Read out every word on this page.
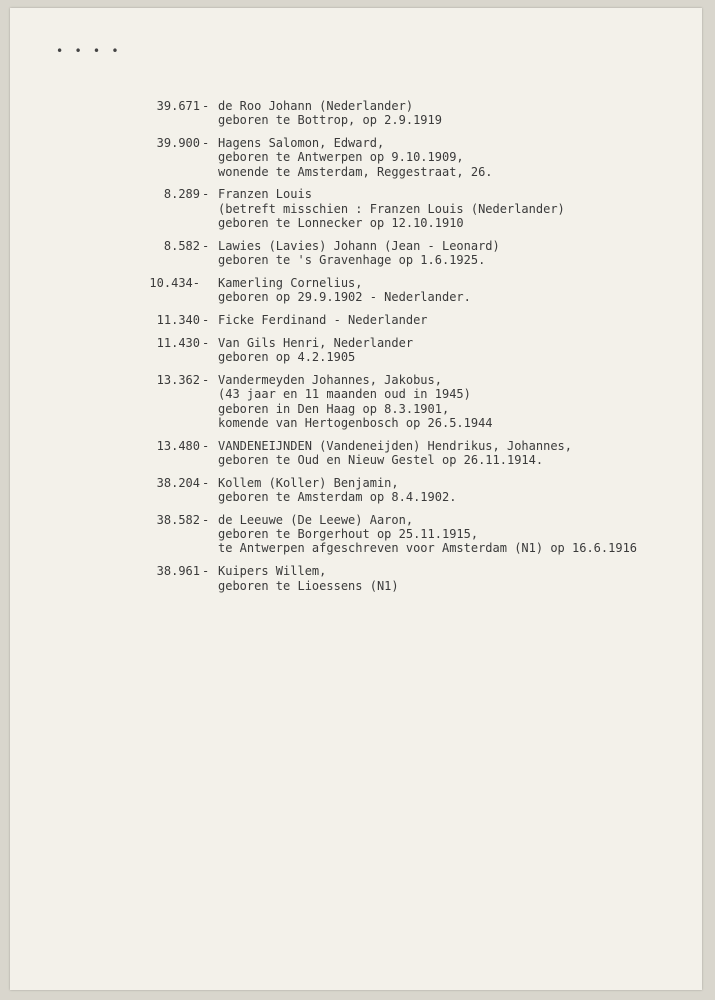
• • • •
39.671 - de Roo Johann (Nederlander)
geboren te Bottrop, op 2.9.1919
39.900 - Hagens Salomon, Edward,
geboren te Antwerpen op 9.10.1909,
wonende te Amsterdam, Reggestraat, 26.
8.289 - Franzen Louis
(betreft misschien : Franzen Louis (Nederlander)
geboren te Lonnecker op 12.10.1910
8.582 - Lawies (Lavies) Johann (Jean - Leonard)
geboren te 's Gravenhage op 1.6.1925.
10.434- Kamerling Cornelius,
geboren op 29.9.1902 - Nederlander.
11.340 - Ficke Ferdinand - Nederlander
11.430 - Van Gils Henri, Nederlander
geboren op 4.2.1905
13.362 - Vandermeyden Johannes, Jakobus,
(43 jaar en 11 maanden oud in 1945)
geboren in Den Haag op 8.3.1901,
komende van Hertogenbosch op 26.5.1944
13.480 - VANDENEIJNDEN (Vandeneijden) Hendrikus, Johannes,
geboren te Oud en Nieuw Gestel op 26.11.1914.
38.204 - Kollem (Koller) Benjamin,
geboren te Amsterdam op 8.4.1902.
38.582 - de Leeuwe (De Leewe) Aaron,
geboren te Borgerhout op 25.11.1915,
te Antwerpen afgeschreven voor Amsterdam (N1) op 16.6.1916
38.961 - Kuipers Willem,
geboren te Lioessens (N1)
